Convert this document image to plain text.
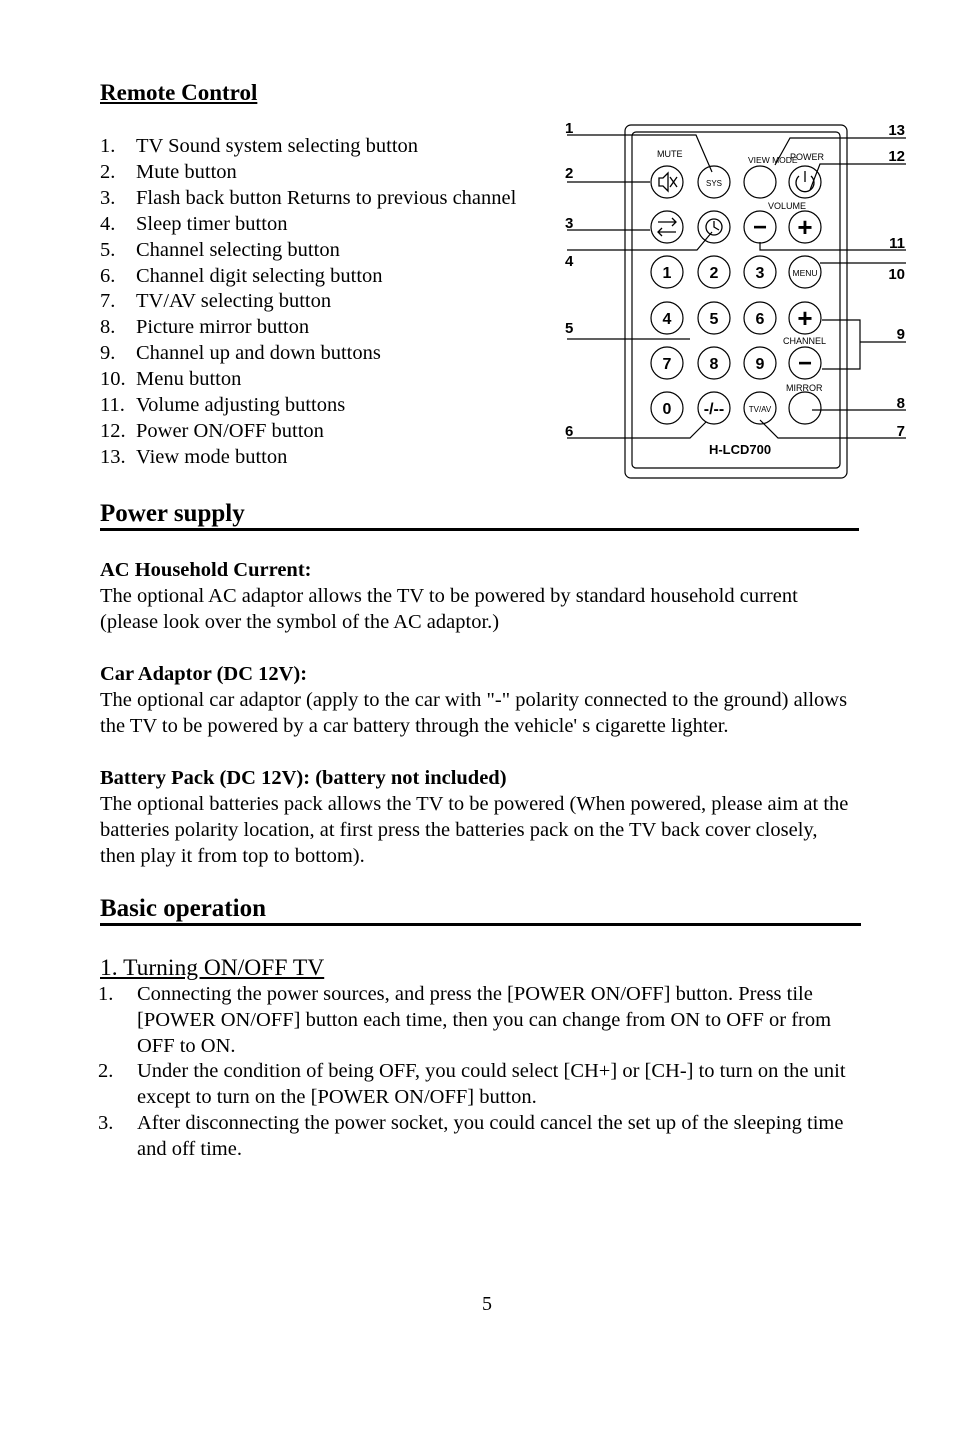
Remote Control
1.	TV Sound system selecting button
2.	Mute button
3.	Flash back button Returns to previous channel
4.	Sleep timer button
5.	Channel selecting button
6.	Channel digit selecting button
7.	TV/AV selecting button
8.	Picture mirror button
9.	Channel up and down buttons
10. Menu button
11. Volume adjusting buttons
12. Power ON/OFF button
13. View mode button
1
2
3
4
5
6
13
12
11
10
9
8
7
MUTE
SYS
VIEW MODE
POWER
VOLUME
MENU
CHANNEL
MIRROR
TV/AV
− +
+
−
-/--
1 2 3
4 5 6
7 8 9
0
H-LCD700
Power supply
AC Household Current:
The optional AC adaptor allows the TV to be powered by standard household current (please look over the symbol of the AC adaptor.)
Car Adaptor (DC 12V):
The optional car adaptor (apply to the car with "-" polarity connected to the ground) allows the TV to be powered by a car battery through the vehicle' s cigarette lighter.
Battery Pack (DC 12V): (battery not included)
The optional batteries pack allows the TV to be powered (When powered, please aim at the batteries polarity location, at first press the batteries pack on the TV back cover closely, then play it from top to bottom).
Basic operation
1. Turning ON/OFF TV
1. Connecting the power sources, and press the [POWER ON/OFF] button. Press tile [POWER ON/OFF] button each time, then you can change from ON to OFF or from OFF to ON.
2. Under the condition of being OFF, you could select [CH+] or [CH-] to turn on the unit except to turn on the [POWER ON/OFF] button.
3. After disconnecting the power socket, you could cancel the set up of the sleeping time and off time.
5
